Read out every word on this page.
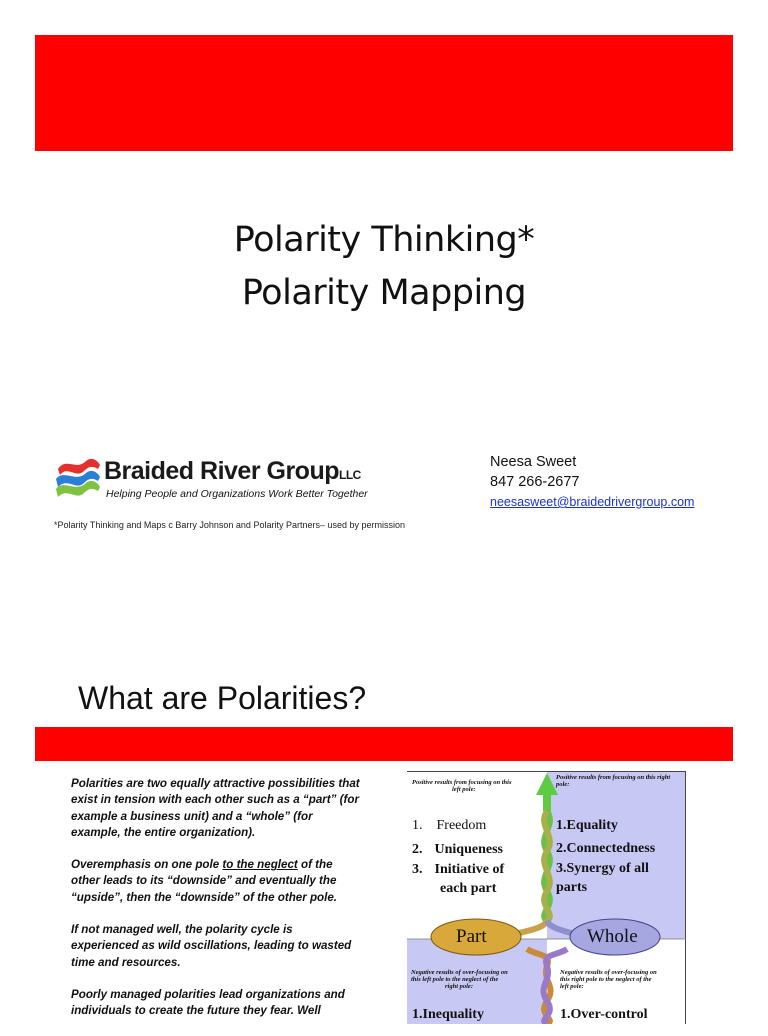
Polarity Thinking*
Polarity Mapping
Braided River GroupLLC
Helping People and Organizations Work Better Together
*Polarity Thinking and Maps c Barry Johnson and Polarity Partners– used by permission
Neesa Sweet
847 266-2677
neesasweet@braidedrivergroup.com
What are Polarities?

Polarities are two equally attractive possibilities that exist in tension with each other such as a “part” (for example a business unit) and a “whole” (for example, the entire organization).

Overemphasis on one pole to the neglect of the other leads to its “downside” and eventually the “upside”, then the “downside” of the other pole.

If not managed well, the polarity cycle is experienced as wild oscillations, leading to wasted time and resources.

Poorly managed polarities lead organizations and individuals to create the future they fear. Well

Positive results from focusing on this
left pole:
Positive results from focusing on this right
pole:
1. Freedom
2. Uniqueness
3. Initiative of
each part
1.Equality
2.Connectedness
3.Synergy of all
parts
Part	Whole
Negative results of over-focusing on
this left pole to the neglect of the
right pole:
Negative results of over-focusing on
this right pole to the neglect of the
left pole:
1.Inequality	1.Over-control
